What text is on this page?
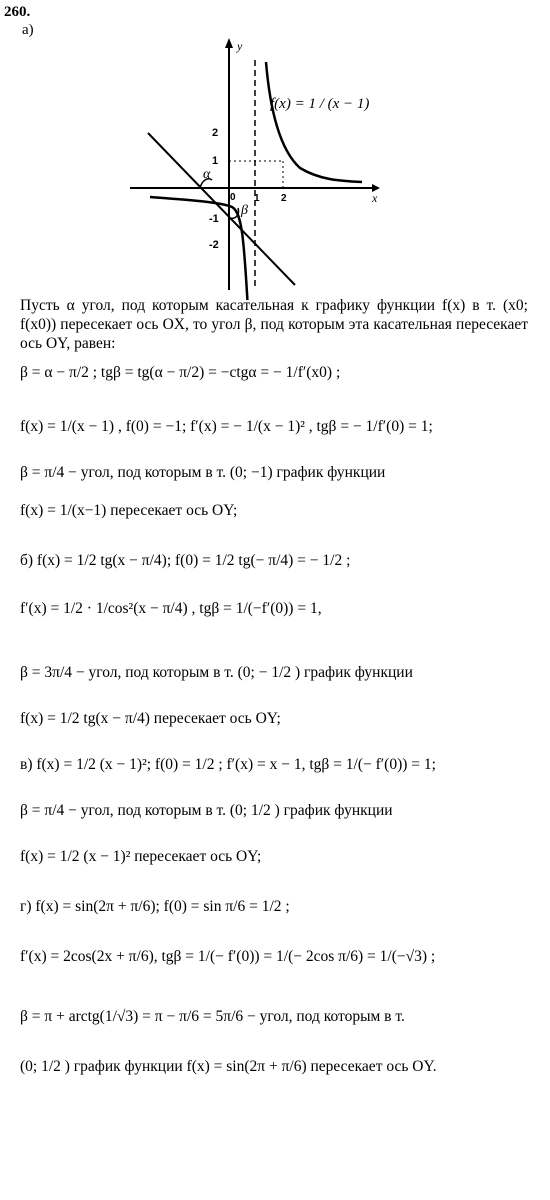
260.
а)
y
x
2
1
-1
-2
0 1 2
α
β
f(x) = 1 / (x − 1)
Пусть α угол, под которым касательная к графику функции f(x) в т. (x0; f(x0)) пересекает ось OX, то угол β, под которым эта касательная пересекает ось OY, равен:
β = α − π/2 ; tgβ = tg(α − π/2) = −ctgα = − 1/f′(x0) ;
f(x) = 1/(x − 1) , f(0) = −1; f′(x) = − 1/(x − 1)² , tgβ = − 1/f′(0) = 1;
β = π/4 − угол, под которым в т. (0; −1) график функции
f(x) = 1/(x−1) пересекает ось OY;
б) f(x) = 1/2 tg(x − π/4); f(0) = 1/2 tg(− π/4) = − 1/2 ;
f′(x) = 1/2 · 1/cos²(x − π/4) , tgβ = 1/(−f′(0)) = 1,
β = 3π/4 − угол, под которым в т. (0; − 1/2 ) график функции
f(x) = 1/2 tg(x − π/4) пересекает ось OY;
в) f(x) = 1/2 (x − 1)²; f(0) = 1/2 ; f′(x) = x − 1, tgβ = 1/(− f′(0)) = 1;
β = π/4 − угол, под которым в т. (0; 1/2 ) график функции
f(x) = 1/2 (x − 1)² пересекает ось OY;
г) f(x) = sin(2π + π/6); f(0) = sin π/6 = 1/2 ;
f′(x) = 2cos(2x + π/6), tgβ = 1/(− f′(0)) = 1/(− 2cos π/6) = 1/(−√3) ;
β = π + arctg(1/√3) = π − π/6 = 5π/6 − угол, под которым в т.
(0; 1/2 ) график функции f(x) = sin(2π + π/6) пересекает ось OY.
